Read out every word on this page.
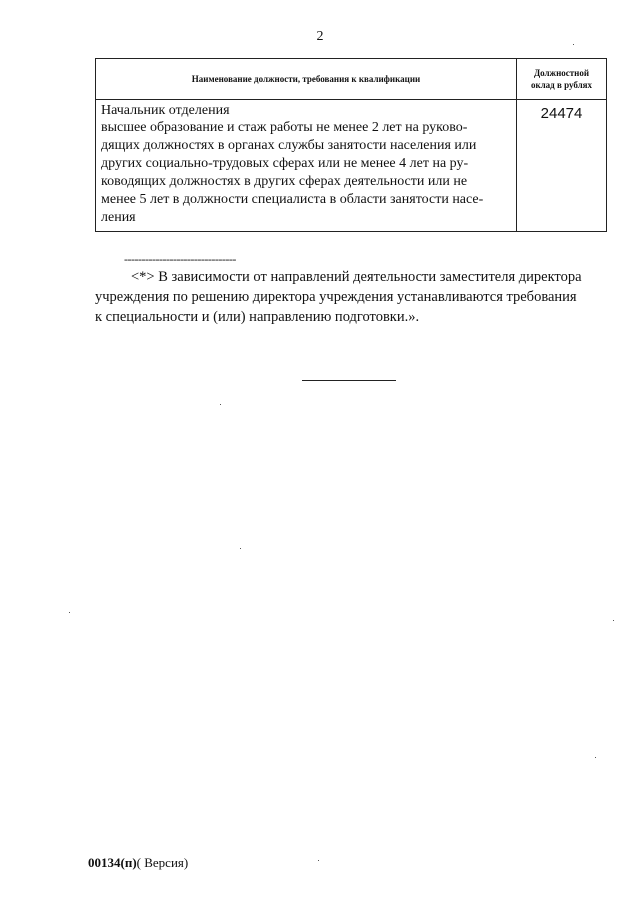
2
Наименование должности, требования к квалификации
Должностной
оклад в рублях
Начальник отделения
высшее образование и стаж работы не менее 2 лет на руково-
дящих должностях в органах службы занятости населения или
других социально-трудовых сферах или не менее 4 лет на ру-
ководящих должностях в других сферах деятельности или не
менее 5 лет в должности специалиста в области занятости насе-
ления
24474
--------------------------------
<*> В зависимости от направлений деятельности заместителя директора
учреждения по решению директора учреждения устанавливаются требования
к специальности и (или) направлению подготовки.».
00134(п)( Версия)
